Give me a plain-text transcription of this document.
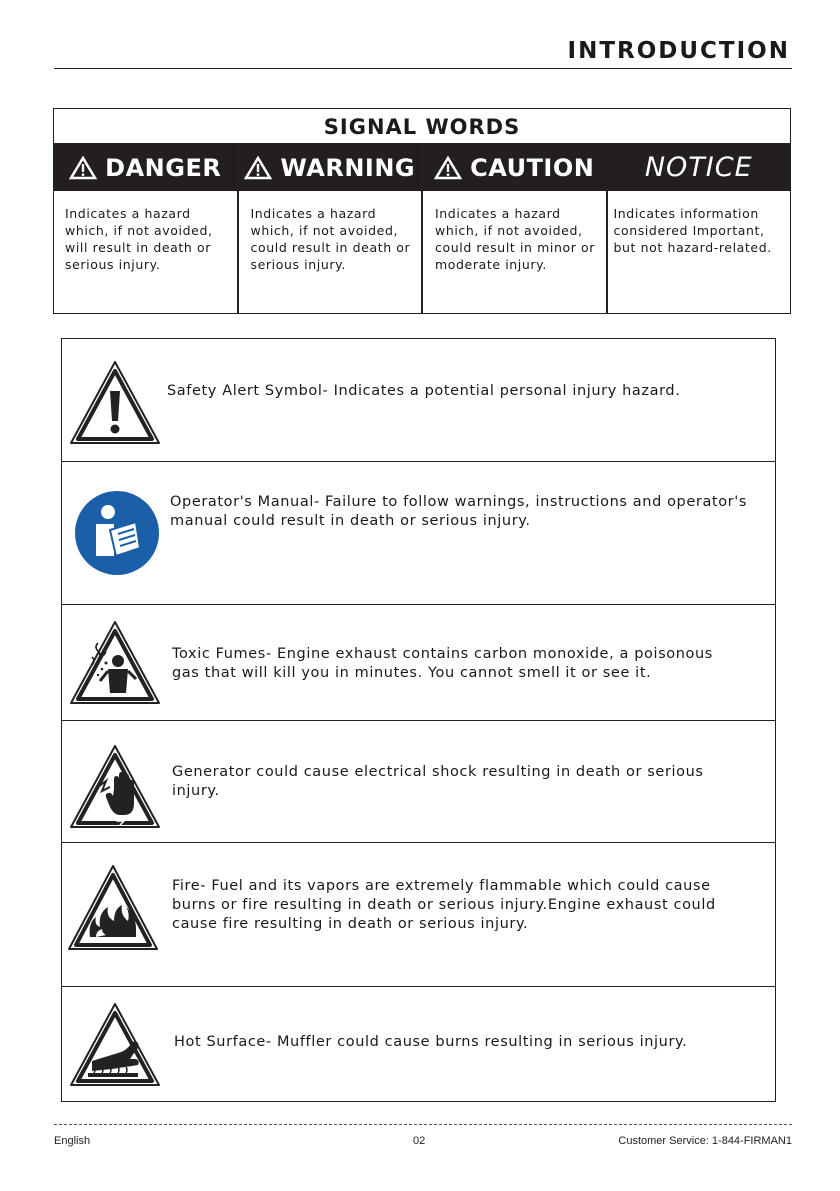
INTRODUCTION
SIGNAL WORDS
DANGER
Indicates a hazard which, if not avoided, will result in death or serious injury.
WARNING
Indicates a hazard which, if not avoided, could result in death or serious injury.
CAUTION
Indicates a hazard which, if not avoided, could result in minor or moderate injury.
NOTICE
Indicates information considered Important, but not hazard-related.
Safety Alert Symbol- Indicates a potential personal injury hazard.
Operator's Manual- Failure to follow warnings, instructions and operator's manual could result in death or serious injury.
Toxic Fumes- Engine exhaust contains carbon monoxide, a poisonous gas that will kill you in minutes. You cannot smell it or see it.
Generator could cause electrical shock resulting in death or serious injury.
Fire- Fuel and its vapors are extremely flammable which could cause burns or fire resulting in death or serious injury.Engine exhaust could cause fire resulting in death or serious injury.
Hot Surface- Muffler could cause burns resulting in serious injury.
English	02	Customer Service: 1-844-FIRMAN1
